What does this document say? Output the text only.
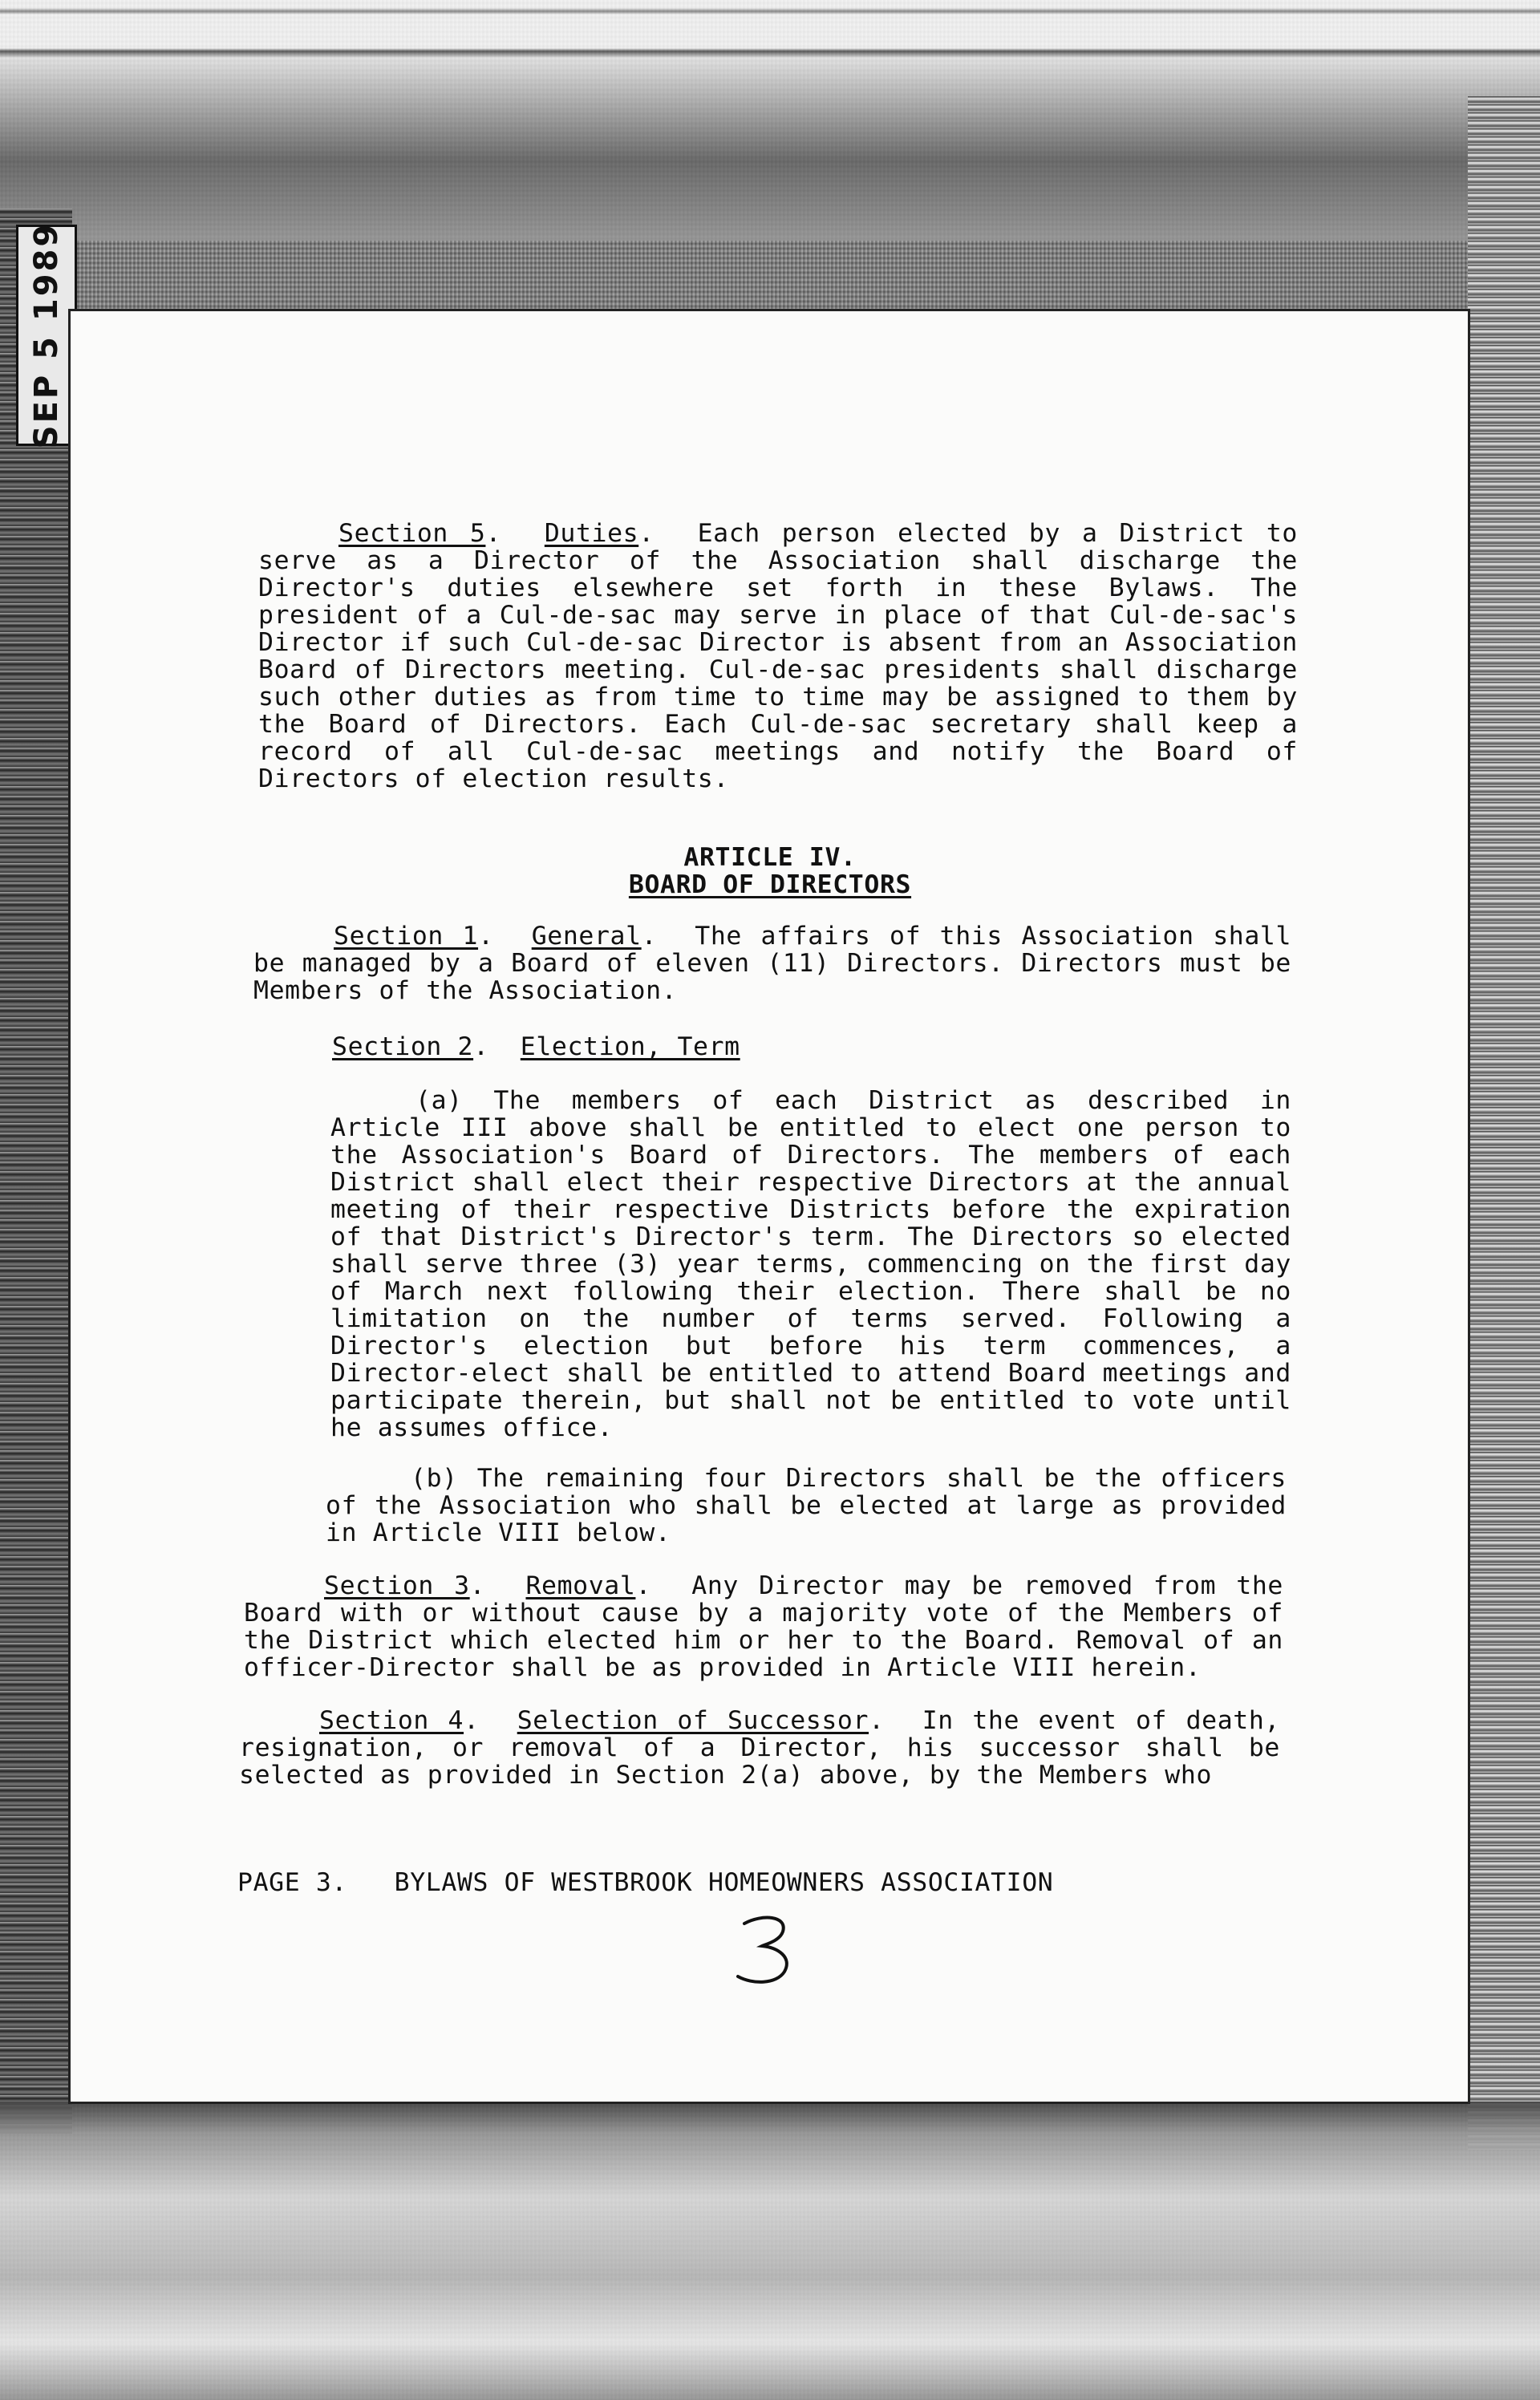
SEP 5 1989

Section 5.  Duties.  Each person elected by a District to serve as a Director of the Association shall discharge the Director's duties elsewhere set forth in these Bylaws. The president of a Cul-de-sac may serve in place of that Cul-de-sac's Director if such Cul-de-sac Director is absent from an Association Board of Directors meeting. Cul-de-sac presidents shall discharge such other duties as from time to time may be assigned to them by the Board of Directors. Each Cul-de-sac secretary shall keep a record of all Cul-de-sac meetings and notify the Board of Directors of election results.

ARTICLE IV.
BOARD OF DIRECTORS

Section 1.  General.  The affairs of this Association shall be managed by a Board of eleven (11) Directors. Directors must be Members of the Association.

Section 2.  Election, Term

(a) The members of each District as described in Article III above shall be entitled to elect one person to the Association's Board of Directors. The members of each District shall elect their respective Directors at the annual meeting of their respective Districts before the expiration of that District's Director's term. The Directors so elected shall serve three (3) year terms, commencing on the first day of March next following their election. There shall be no limitation on the number of terms served. Following a Director's election but before his term commences, a Director-elect shall be entitled to attend Board meetings and participate therein, but shall not be entitled to vote until he assumes office.

(b) The remaining four Directors shall be the officers of the Association who shall be elected at large as provided in Article VIII below.

Section 3.  Removal.  Any Director may be removed from the Board with or without cause by a majority vote of the Members of the District which elected him or her to the Board. Removal of an officer-Director shall be as provided in Article VIII herein.

Section 4.  Selection of Successor.  In the event of death, resignation, or removal of a Director, his successor shall be selected as provided in Section 2(a) above, by the Members who

PAGE 3.   BYLAWS OF WESTBROOK HOMEOWNERS ASSOCIATION
